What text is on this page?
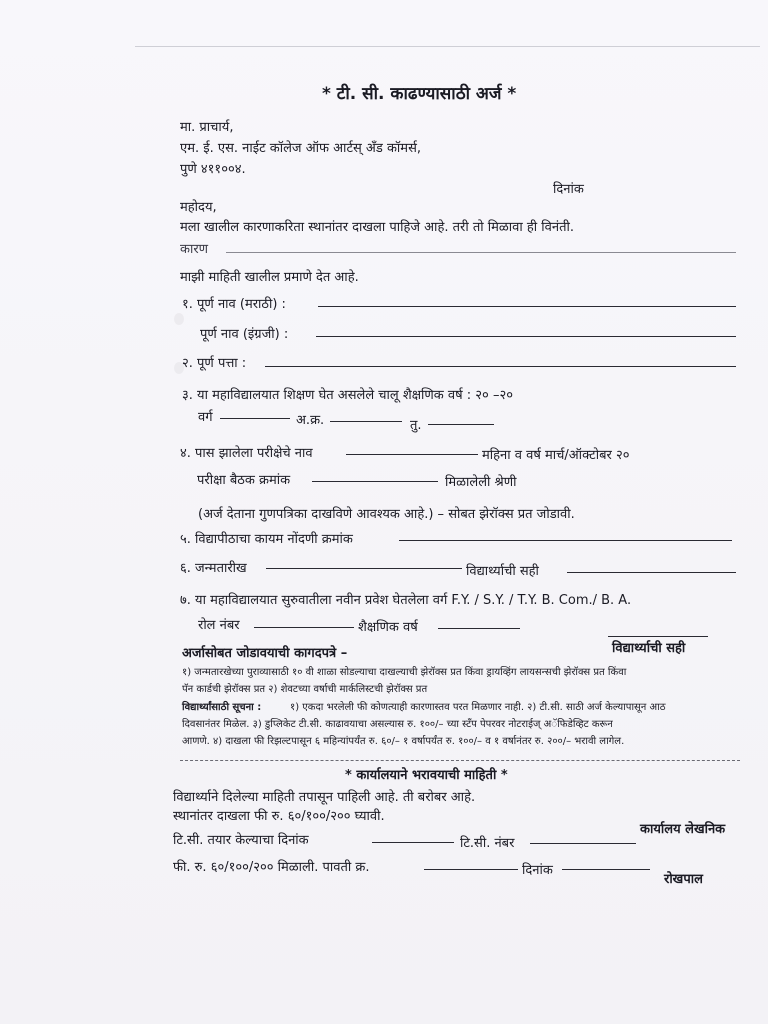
* टी. सी. काढण्यासाठी अर्ज *
मा. प्राचार्य,
एम. ई. एस. नाईट कॉलेज ऑफ आर्टस् अँड कॉमर्स,
पुणे ४११००४.
दिनांक
महोदय,
मला खालील कारणाकरिता स्थानांतर दाखला पाहिजे आहे. तरी तो मिळावा ही विनंती.
कारण
माझी माहिती खालील प्रमाणे देत आहे.
१. पूर्ण नाव (मराठी) :
पूर्ण नाव (इंग्रजी) :
२. पूर्ण पत्ता :
३. या महाविद्यालयात शिक्षण घेत असलेले चालू शैक्षणिक वर्ष : २० –२०
वर्ग	अ.क्र.	तु.
४. पास झालेला परीक्षेचे नाव	महिना व वर्ष मार्च/ऑक्टोबर २०
परीक्षा बैठक क्रमांक	मिळालेली श्रेणी
(अर्ज देताना गुणपत्रिका दाखविणे आवश्यक आहे.) – सोबत झेरॉक्स प्रत जोडावी.
५. विद्यापीठाचा कायम नोंदणी क्रमांक
६. जन्मतारीख	विद्यार्थ्याची सही
७. या महाविद्यालयात सुरुवातीला नवीन प्रवेश घेतलेला वर्ग F.Y. / S.Y. / T.Y. B. Com./ B. A.
रोल नंबर	शैक्षणिक वर्ष
विद्यार्थ्याची सही
अर्जासोबत जोडावयाची कागदपत्रे –
१) जन्मतारखेच्या पुराव्यासाठी १० वी शाळा सोडल्याचा दाखल्याची झेरॉक्स प्रत किंवा ड्रायव्हिंग लायसन्सची झेरॉक्स प्रत किंवा
पॅन कार्डची झेरॉक्स प्रत २) शेवटच्या वर्षाची मार्कलिस्टची झेरॉक्स प्रत
विद्यार्थ्यांसाठी सूचना :	१) एकदा भरलेली फी कोणत्याही कारणास्तव परत मिळणार नाही. २) टी.सी. साठी अर्ज केल्यापासून आठ
दिवसानंतर मिळेल. ३) डुप्लिकेट टी.सी. काढावयाचा असल्यास रु. १००/– च्या स्टँप पेपरवर नोटराईज् अॅफिडेव्हिट करून
आणणे. ४) दाखला फी रिझल्टपासून ६ महिन्यांपर्यंत रु. ६०/– १ वर्षापर्यंत रु. १००/– व १ वर्षानंतर रु. २००/– भरावी लागेल.
* कार्यालयाने भरावयाची माहिती *
विद्यार्थ्याने दिलेल्या माहिती तपासून पाहिली आहे. ती बरोबर आहे.
स्थानांतर दाखला फी रु. ६०/१००/२०० घ्यावी.
टि.सी. तयार केल्याचा दिनांक	टि.सी. नंबर
कार्यालय लेखनिक
फी. रु. ६०/१००/२०० मिळाली. पावती क्र.	दिनांक
रोखपाल
